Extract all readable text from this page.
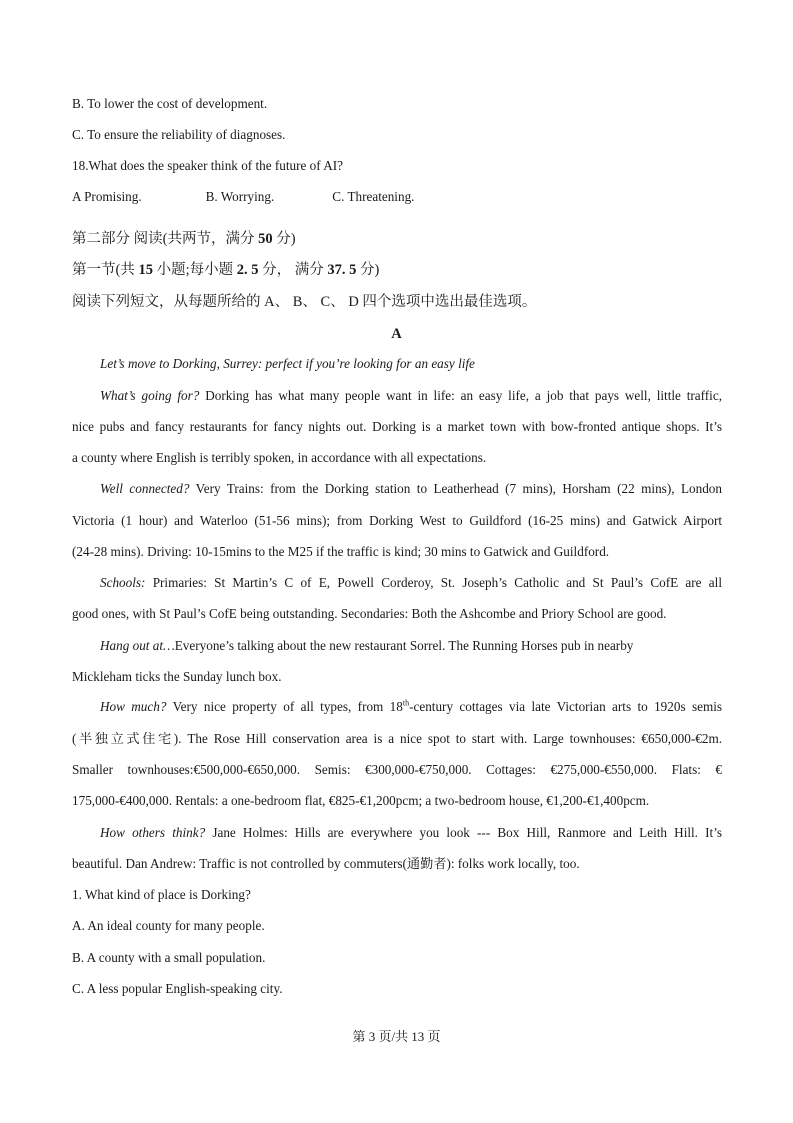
B. To lower the cost of development.
C. To ensure the reliability of diagnoses.
18.What does the speaker think of the future of AI?
A Promising.	B. Worrying.	C. Threatening.
第二部分 阅读(共两节，满分 50 分)
第一节(共 15 小题;每小题 2. 5 分， 满分 37. 5 分)
阅读下列短文，从每题所给的 A、 B、 C、 D 四个选项中选出最佳选项。
A
Let’s move to Dorking, Surrey: perfect if you’re looking for an easy life
What’s going for? Dorking has what many people want in life: an easy life, a job that pays well, little traffic,
nice pubs and fancy restaurants for fancy nights out. Dorking is a market town with bow-fronted antique shops. It’s
a county where English is terribly spoken, in accordance with all expectations.
Well connected? Very Trains: from the Dorking station to Leatherhead (7 mins), Horsham (22 mins), London
Victoria (1 hour) and Waterloo (51-56 mins); from Dorking West to Guildford (16-25 mins) and Gatwick Airport
(24-28 mins). Driving: 10-15mins to the M25 if the traffic is kind; 30 mins to Gatwick and Guildford.
Schools: Primaries: St Martin’s C of E, Powell Corderoy, St. Joseph’s Catholic and St Paul’s CofE are all
good ones, with St Paul’s CofE being outstanding. Secondaries: Both the Ashcombe and Priory School are good.
Hang out at…Everyone’s talking about the new restaurant Sorrel. The Running Horses pub in nearby
Mickleham ticks the Sunday lunch box.
How much? Very nice property of all types, from 18th-century cottages via late Victorian arts to 1920s semis
(半独立式住宅). The Rose Hill conservation area is a nice spot to start with. Large townhouses: €650,000-€2m.
Smaller townhouses:€500,000-€650,000. Semis: €300,000-€750,000. Cottages: €275,000-€550,000. Flats: €
175,000-€400,000. Rentals: a one-bedroom flat, €825-€1,200pcm; a two-bedroom house, €1,200-€1,400pcm.
How others think? Jane Holmes: Hills are everywhere you look --- Box Hill, Ranmore and Leith Hill. It’s
beautiful. Dan Andrew: Traffic is not controlled by commuters(通勤者): folks work locally, too.
1. What kind of place is Dorking?
A. An ideal county for many people.
B. A county with a small population.
C. A less popular English-speaking city.
第 3 页/共 13 页
